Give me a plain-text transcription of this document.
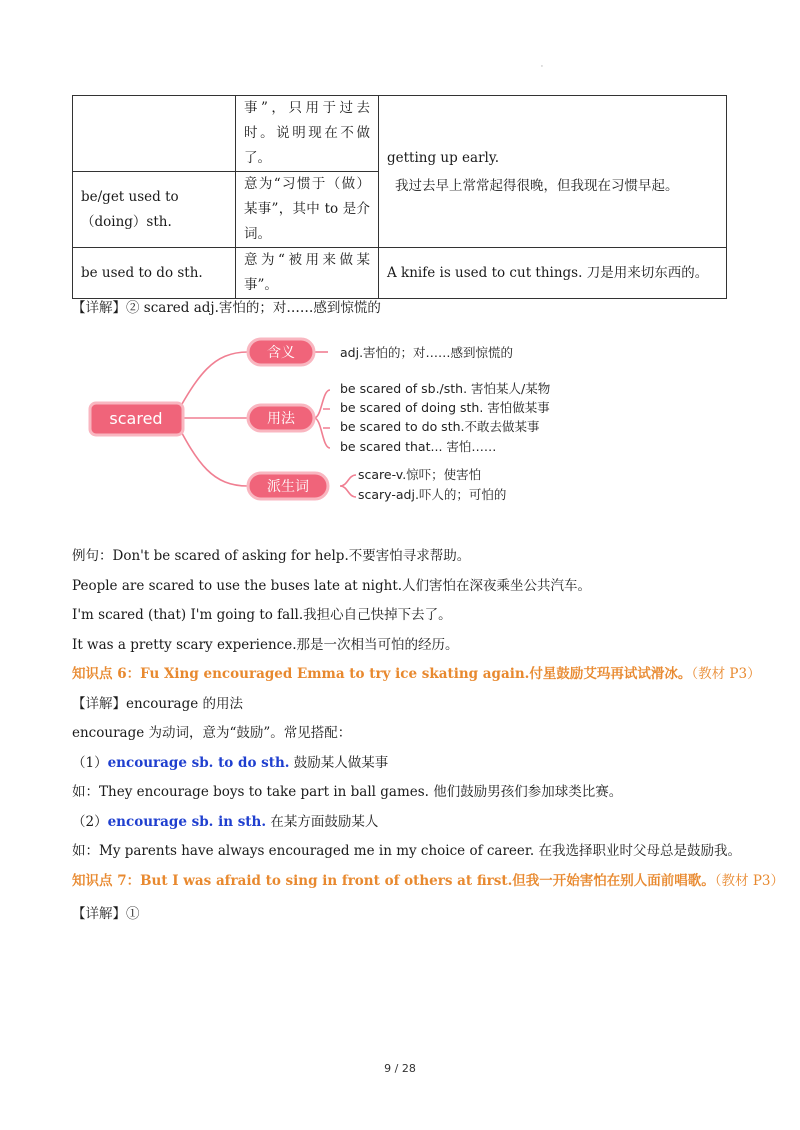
'
	事”，只用于过去时。说明现在不做了。	getting up early.
我过去早上常常起得很晚，但我现在习惯早起。

be/get used to （doing）sth.	意为“习惯于（做）某事”，其中 to 是介词。	
be used to do sth.	意为“被用来做某事”。	A knife is used to cut things. 刀是用来切东西的。
【详解】② scared adj.害怕的；对……感到惊慌的
scared
含义
用法
派生词
adj.害怕的；对……感到惊慌的
be scared of sb./sth. 害怕某人/某物
be scared of doing sth. 害怕做某事
be scared to do sth.不敢去做某事
be scared that... 害怕……
scare-v.惊吓；使害怕
scary-adj.吓人的；可怕的
例句：Don't be scared of asking for help.不要害怕寻求帮助。
People are scared to use the buses late at night.人们害怕在深夜乘坐公共汽车。
I'm scared (that) I'm going to fall.我担心自己快掉下去了。
It was a pretty scary experience.那是一次相当可怕的经历。
知识点 6：Fu Xing encouraged Emma to try ice skating again.付星鼓励艾玛再试试滑冰。（教材 P3）
【详解】encourage 的用法
encourage 为动词，意为“鼓励”。常见搭配：
（1）encourage sb. to do sth. 鼓励某人做某事
如：They encourage boys to take part in ball games. 他们鼓励男孩们参加球类比赛。
（2）encourage sb. in sth. 在某方面鼓励某人
如：My parents have always encouraged me in my choice of career. 在我选择职业时父母总是鼓励我。
知识点 7：But I was afraid to sing in front of others at first.但我一开始害怕在别人面前唱歌。（教材 P3）
【详解】①
9 / 28
